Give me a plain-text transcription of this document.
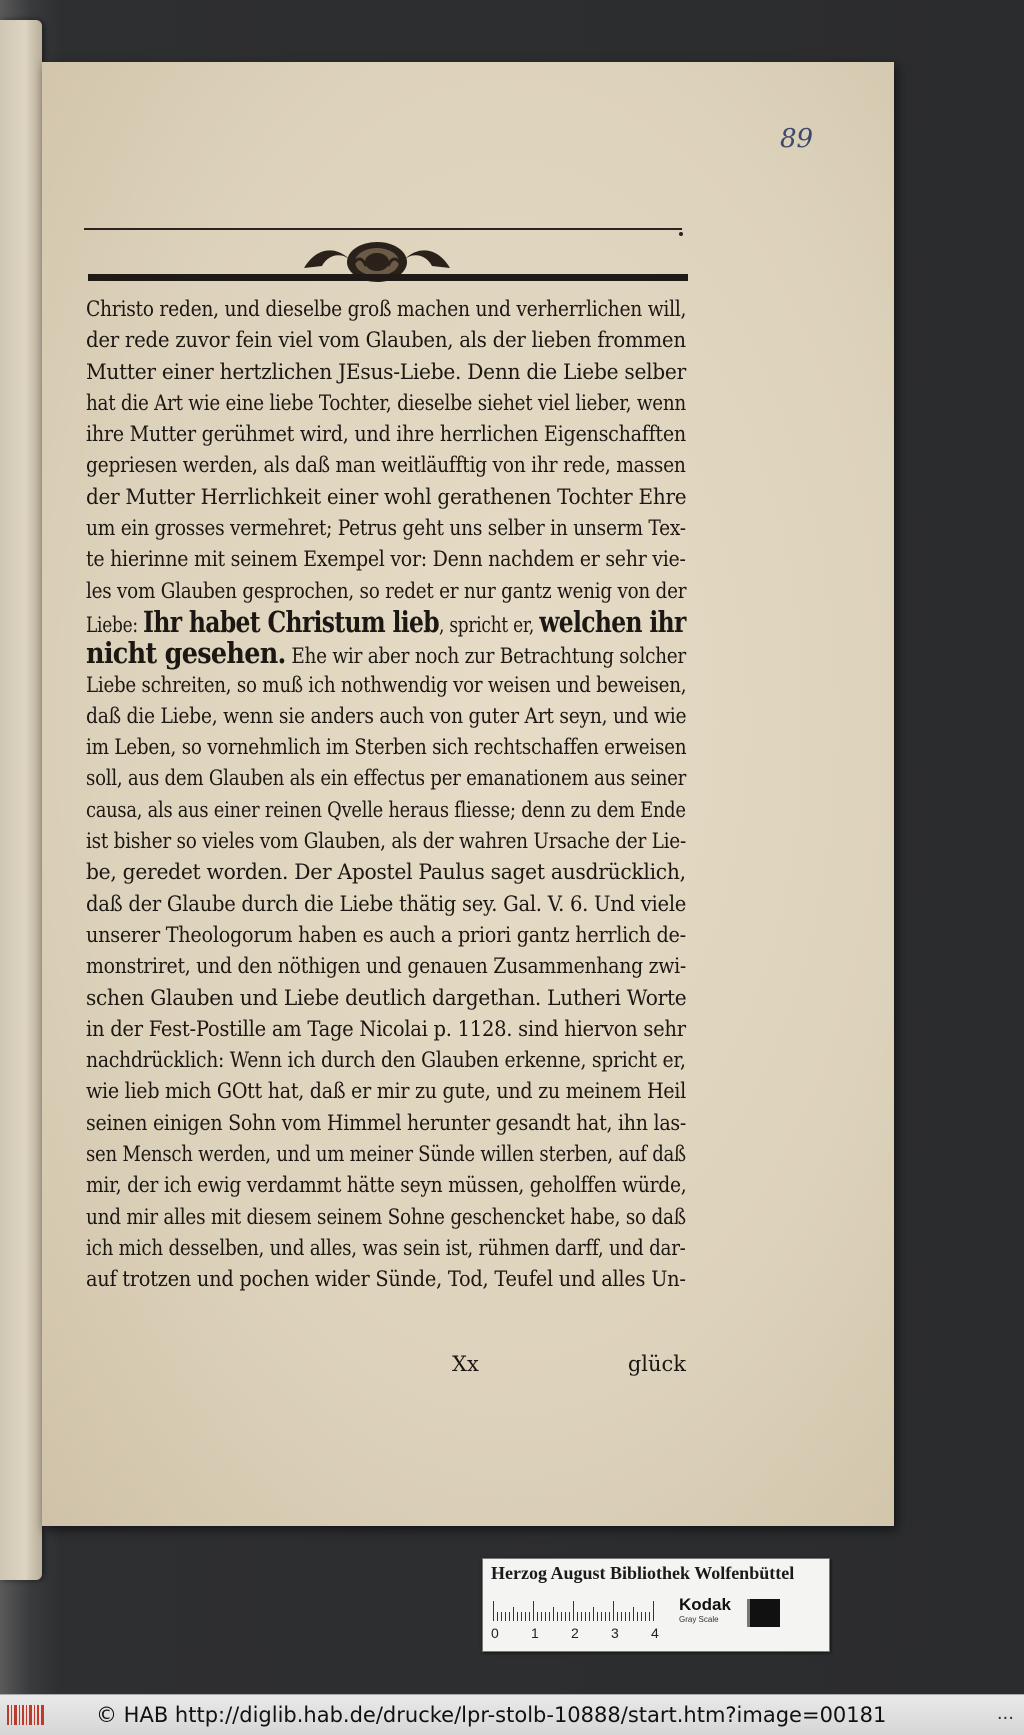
89
Christo reden, und dieselbe groß machen und verherrlichen will,
der rede zuvor fein viel vom Glauben, als der lieben frommen
Mutter einer hertzlichen JEsus-Liebe. Denn die Liebe selber
hat die Art wie eine liebe Tochter, dieselbe siehet viel lieber, wenn
ihre Mutter gerühmet wird, und ihre herrlichen Eigenschafften
gepriesen werden, als daß man weitläufftig von ihr rede, massen
der Mutter Herrlichkeit einer wohl gerathenen Tochter Ehre
um ein grosses vermehret; Petrus geht uns selber in unserm Tex-
te hierinne mit seinem Exempel vor: Denn nachdem er sehr vie-
les vom Glauben gesprochen, so redet er nur gantz wenig von der
Liebe: Ihr habet Christum lieb, spricht er, welchen ihr
nicht gesehen. Ehe wir aber noch zur Betrachtung solcher
Liebe schreiten, so muß ich nothwendig vor weisen und beweisen,
daß die Liebe, wenn sie anders auch von guter Art seyn, und wie
im Leben, so vornehmlich im Sterben sich rechtschaffen erweisen
soll, aus dem Glauben als ein effectus per emanationem aus seiner
causa, als aus einer reinen Qvelle heraus fliesse; denn zu dem Ende
ist bisher so vieles vom Glauben, als der wahren Ursache der Lie-
be, geredet worden. Der Apostel Paulus saget ausdrücklich,
daß der Glaube durch die Liebe thätig sey. Gal. V. 6. Und viele
unserer Theologorum haben es auch a priori gantz herrlich de-
monstriret, und den nöthigen und genauen Zusammenhang zwi-
schen Glauben und Liebe deutlich dargethan. Lutheri Worte
in der Fest-Postille am Tage Nicolai p. 1128. sind hiervon sehr
nachdrücklich: Wenn ich durch den Glauben erkenne, spricht er,
wie lieb mich GOtt hat, daß er mir zu gute, und zu meinem Heil
seinen einigen Sohn vom Himmel herunter gesandt hat, ihn las-
sen Mensch werden, und um meiner Sünde willen sterben, auf daß
mir, der ich ewig verdammt hätte seyn müssen, geholffen würde,
und mir alles mit diesem seinem Sohne geschencket habe, so daß
ich mich desselben, und alles, was sein ist, rühmen darff, und dar-
auf trotzen und pochen wider Sünde, Tod, Teufel und alles Un-
Xx	glück
Herzog August Bibliothek Wolfenbüttel
0 1 2 3 4
Kodak
Gray Scale
© HAB http://diglib.hab.de/drucke/lpr-stolb-10888/start.htm?image=00181	...
